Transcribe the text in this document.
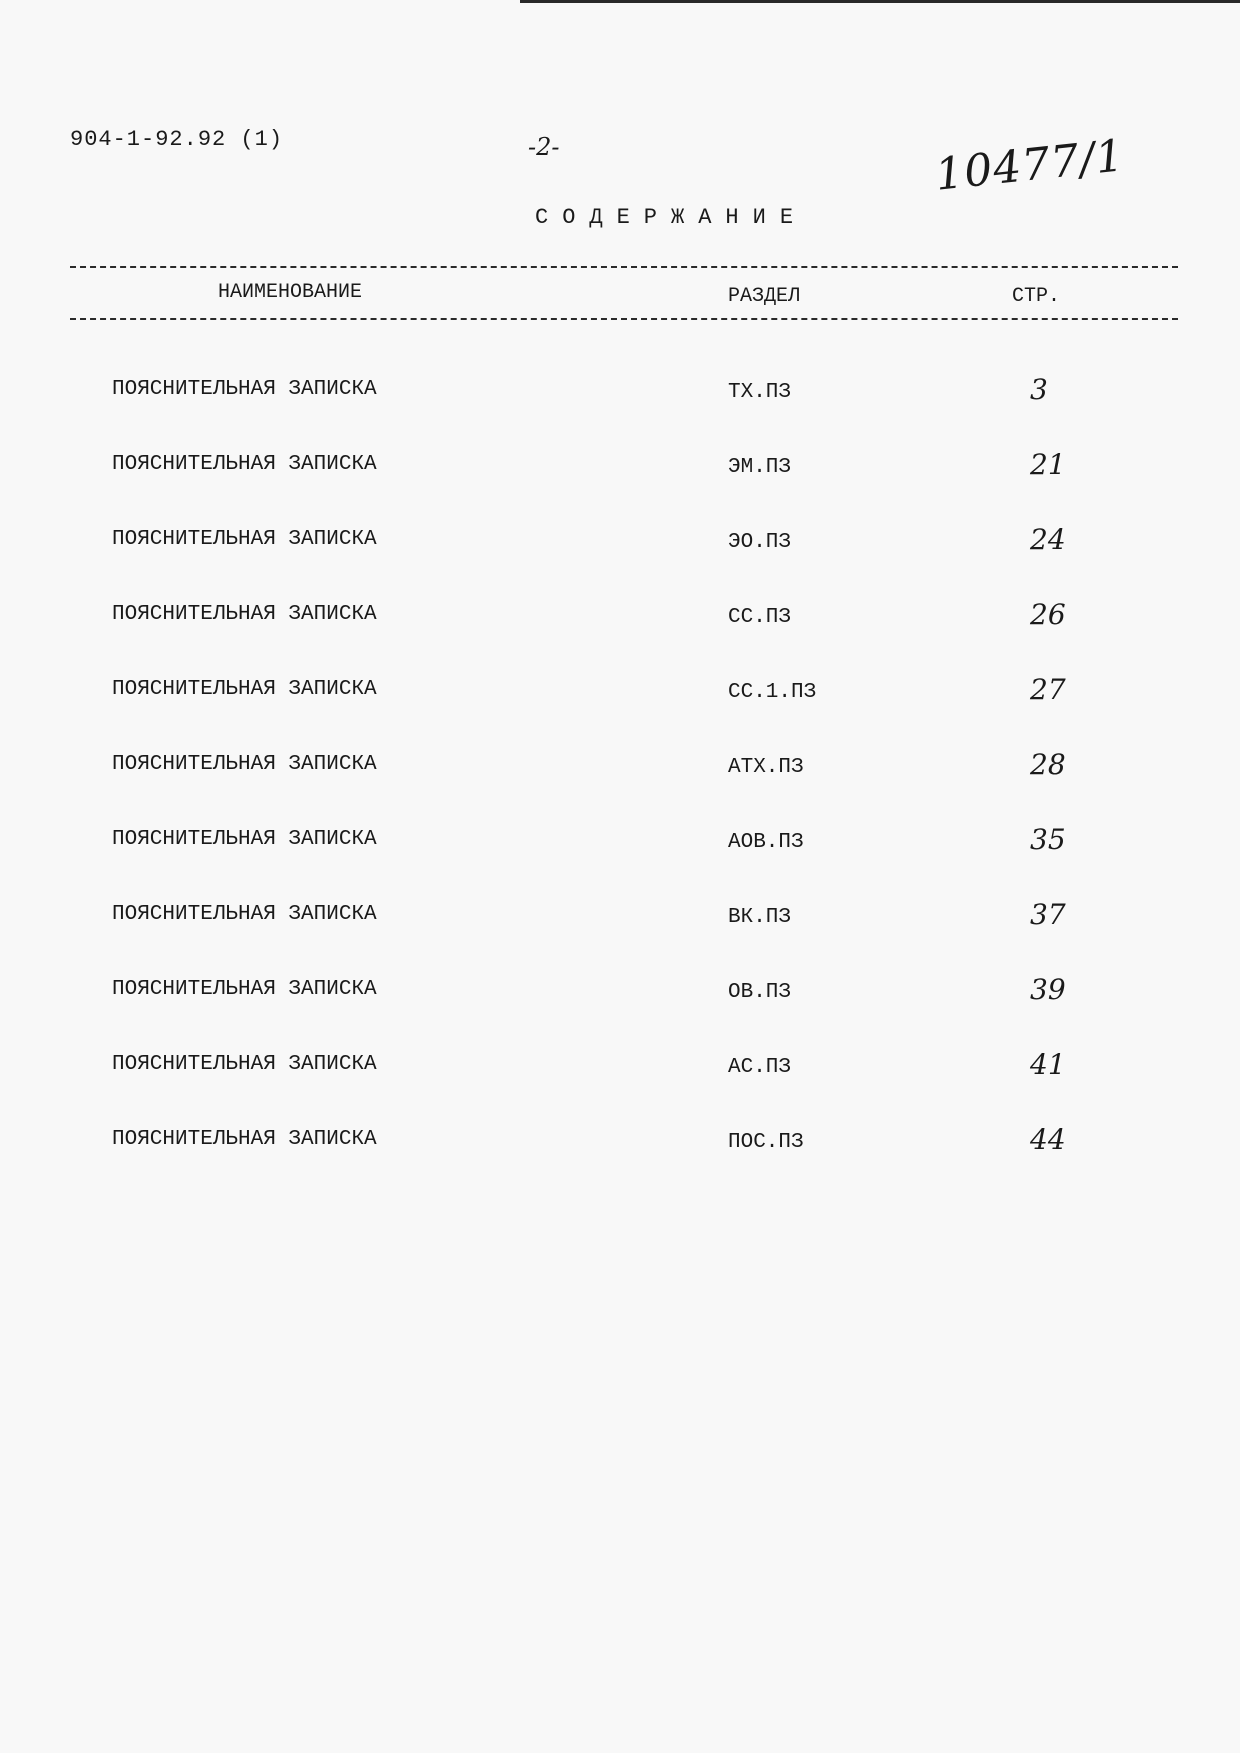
904-1-92.92 (1)	-2-	10477/1
СОДЕРЖАНИЕ
НАИМЕНОВАНИЕ	РАЗДЕЛ	СТР.
ПОЯСНИТЕЛЬНАЯ ЗАПИСКА	ТХ.ПЗ	3
ПОЯСНИТЕЛЬНАЯ ЗАПИСКА	ЭМ.ПЗ	21
ПОЯСНИТЕЛЬНАЯ ЗАПИСКА	ЭО.ПЗ	24
ПОЯСНИТЕЛЬНАЯ ЗАПИСКА	СС.ПЗ	26
ПОЯСНИТЕЛЬНАЯ ЗАПИСКА	СС.1.ПЗ	27
ПОЯСНИТЕЛЬНАЯ ЗАПИСКА	АТХ.ПЗ	28
ПОЯСНИТЕЛЬНАЯ ЗАПИСКА	АОВ.ПЗ	35
ПОЯСНИТЕЛЬНАЯ ЗАПИСКА	ВК.ПЗ	37
ПОЯСНИТЕЛЬНАЯ ЗАПИСКА	ОВ.ПЗ	39
ПОЯСНИТЕЛЬНАЯ ЗАПИСКА	АС.ПЗ	41
ПОЯСНИТЕЛЬНАЯ ЗАПИСКА	ПОС.ПЗ	44
